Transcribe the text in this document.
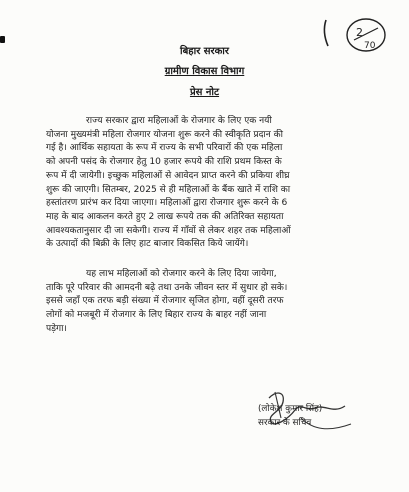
2
70
बिहार सरकार
ग्रामीण विकास विभाग
प्रेस नोट
राज्य सरकार द्वारा महिलाओं के रोजगार के लिए एक नयी
योजना मुख्यमंत्री महिला रोजगार योजना शुरू करने की स्वीकृति प्रदान की
गई है। आर्थिक सहायता के रूप में राज्य के सभी परिवारों की एक महिला
को अपनी पसंद के रोजगार हेतु 10 हजार रूपये की राशि प्रथम किस्त के
रूप में दी जायेगी। इच्छुक महिलाओं से आवेदन प्राप्त करने की प्रकिया शीघ्र
शुरू की जाएगी। सितम्बर, 2025 से ही महिलाओं के बैंक खाते में राशि का
हस्तांतरण प्रारंभ कर दिया जाएगा। महिलाओं द्वारा रोजगार शुरू करने के 6
माह के बाद आकलन करते हुए 2 लाख रूपये तक की अतिरिक्त सहायता
आवश्यकतानुसार दी जा सकेगी। राज्य में गाँवों से लेकर शहर तक महिलाओं
के उत्पादों की बिक्री के लिए हाट बाजार विकसित किये जायेंगे।
यह लाभ महिलाओं को रोजगार करने के लिए दिया जायेगा,
ताकि पूरे परिवार की आमदनी बढ़े तथा उनके जीवन स्तर में सुधार हो सके।
इससे जहाँ एक तरफ बड़ी संख्या में रोजगार सृजित होगा, वहीं दूसरी तरफ
लोगों को मजबूरी में रोजगार के लिए बिहार राज्य के बाहर नहीं जाना
पड़ेगा।
(लोकेश कुमार सिंह)
सरकार के सचिव
